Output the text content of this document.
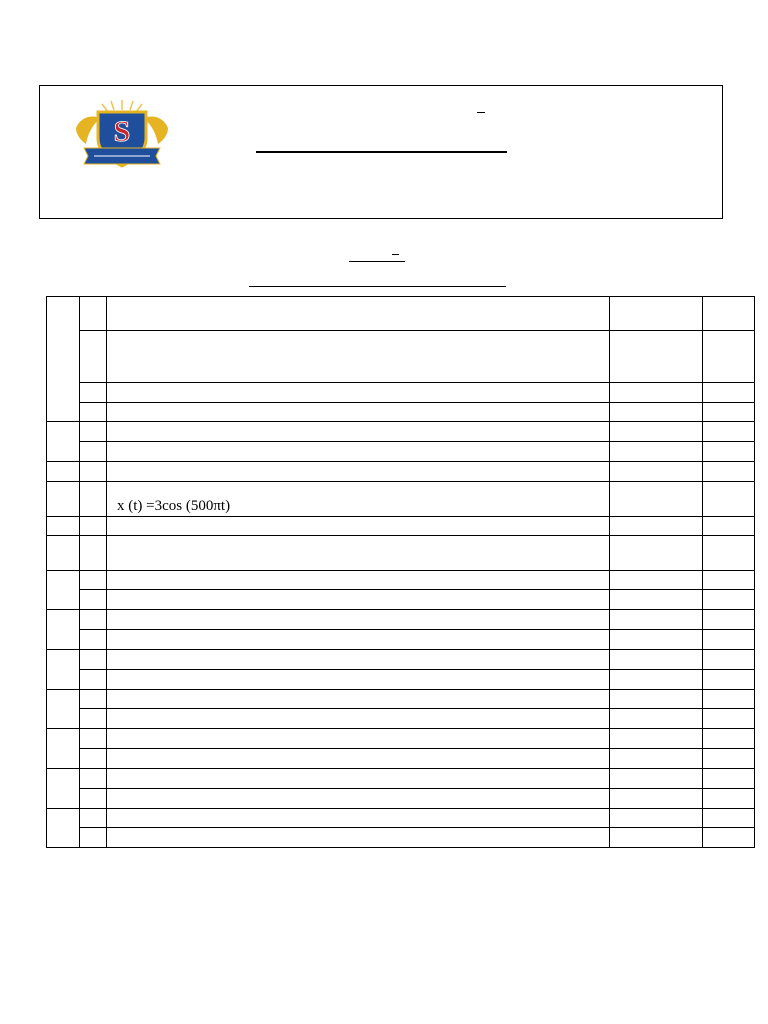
S

		x (t) =3cos (500πt)		
